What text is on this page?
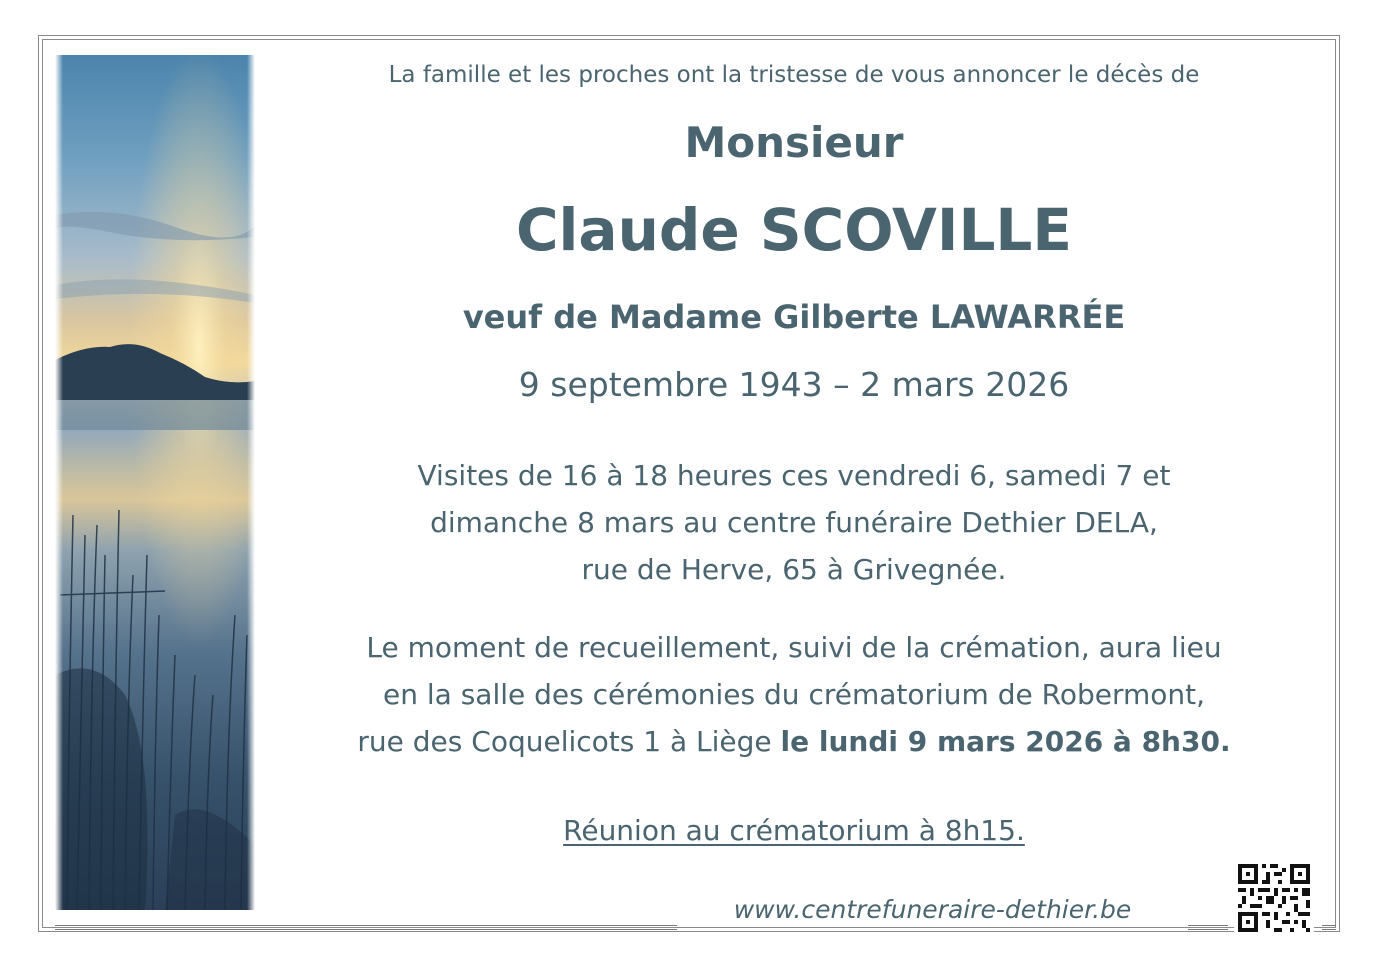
La famille et les proches ont la tristesse de vous annoncer le décès de
Monsieur
Claude SCOVILLE
veuf de Madame Gilberte LAWARRÉE
9 septembre 1943 – 2 mars 2026
Visites de 16 à 18 heures ces vendredi 6, samedi 7 et
dimanche 8 mars au centre funéraire Dethier DELA,
rue de Herve, 65 à Grivegnée.
Le moment de recueillement, suivi de la crémation, aura lieu
en la salle des cérémonies du crématorium de Robermont,
rue des Coquelicots 1 à Liège le lundi 9 mars 2026 à 8h30.
Réunion au crématorium à 8h15.
www.centrefuneraire-dethier.be
